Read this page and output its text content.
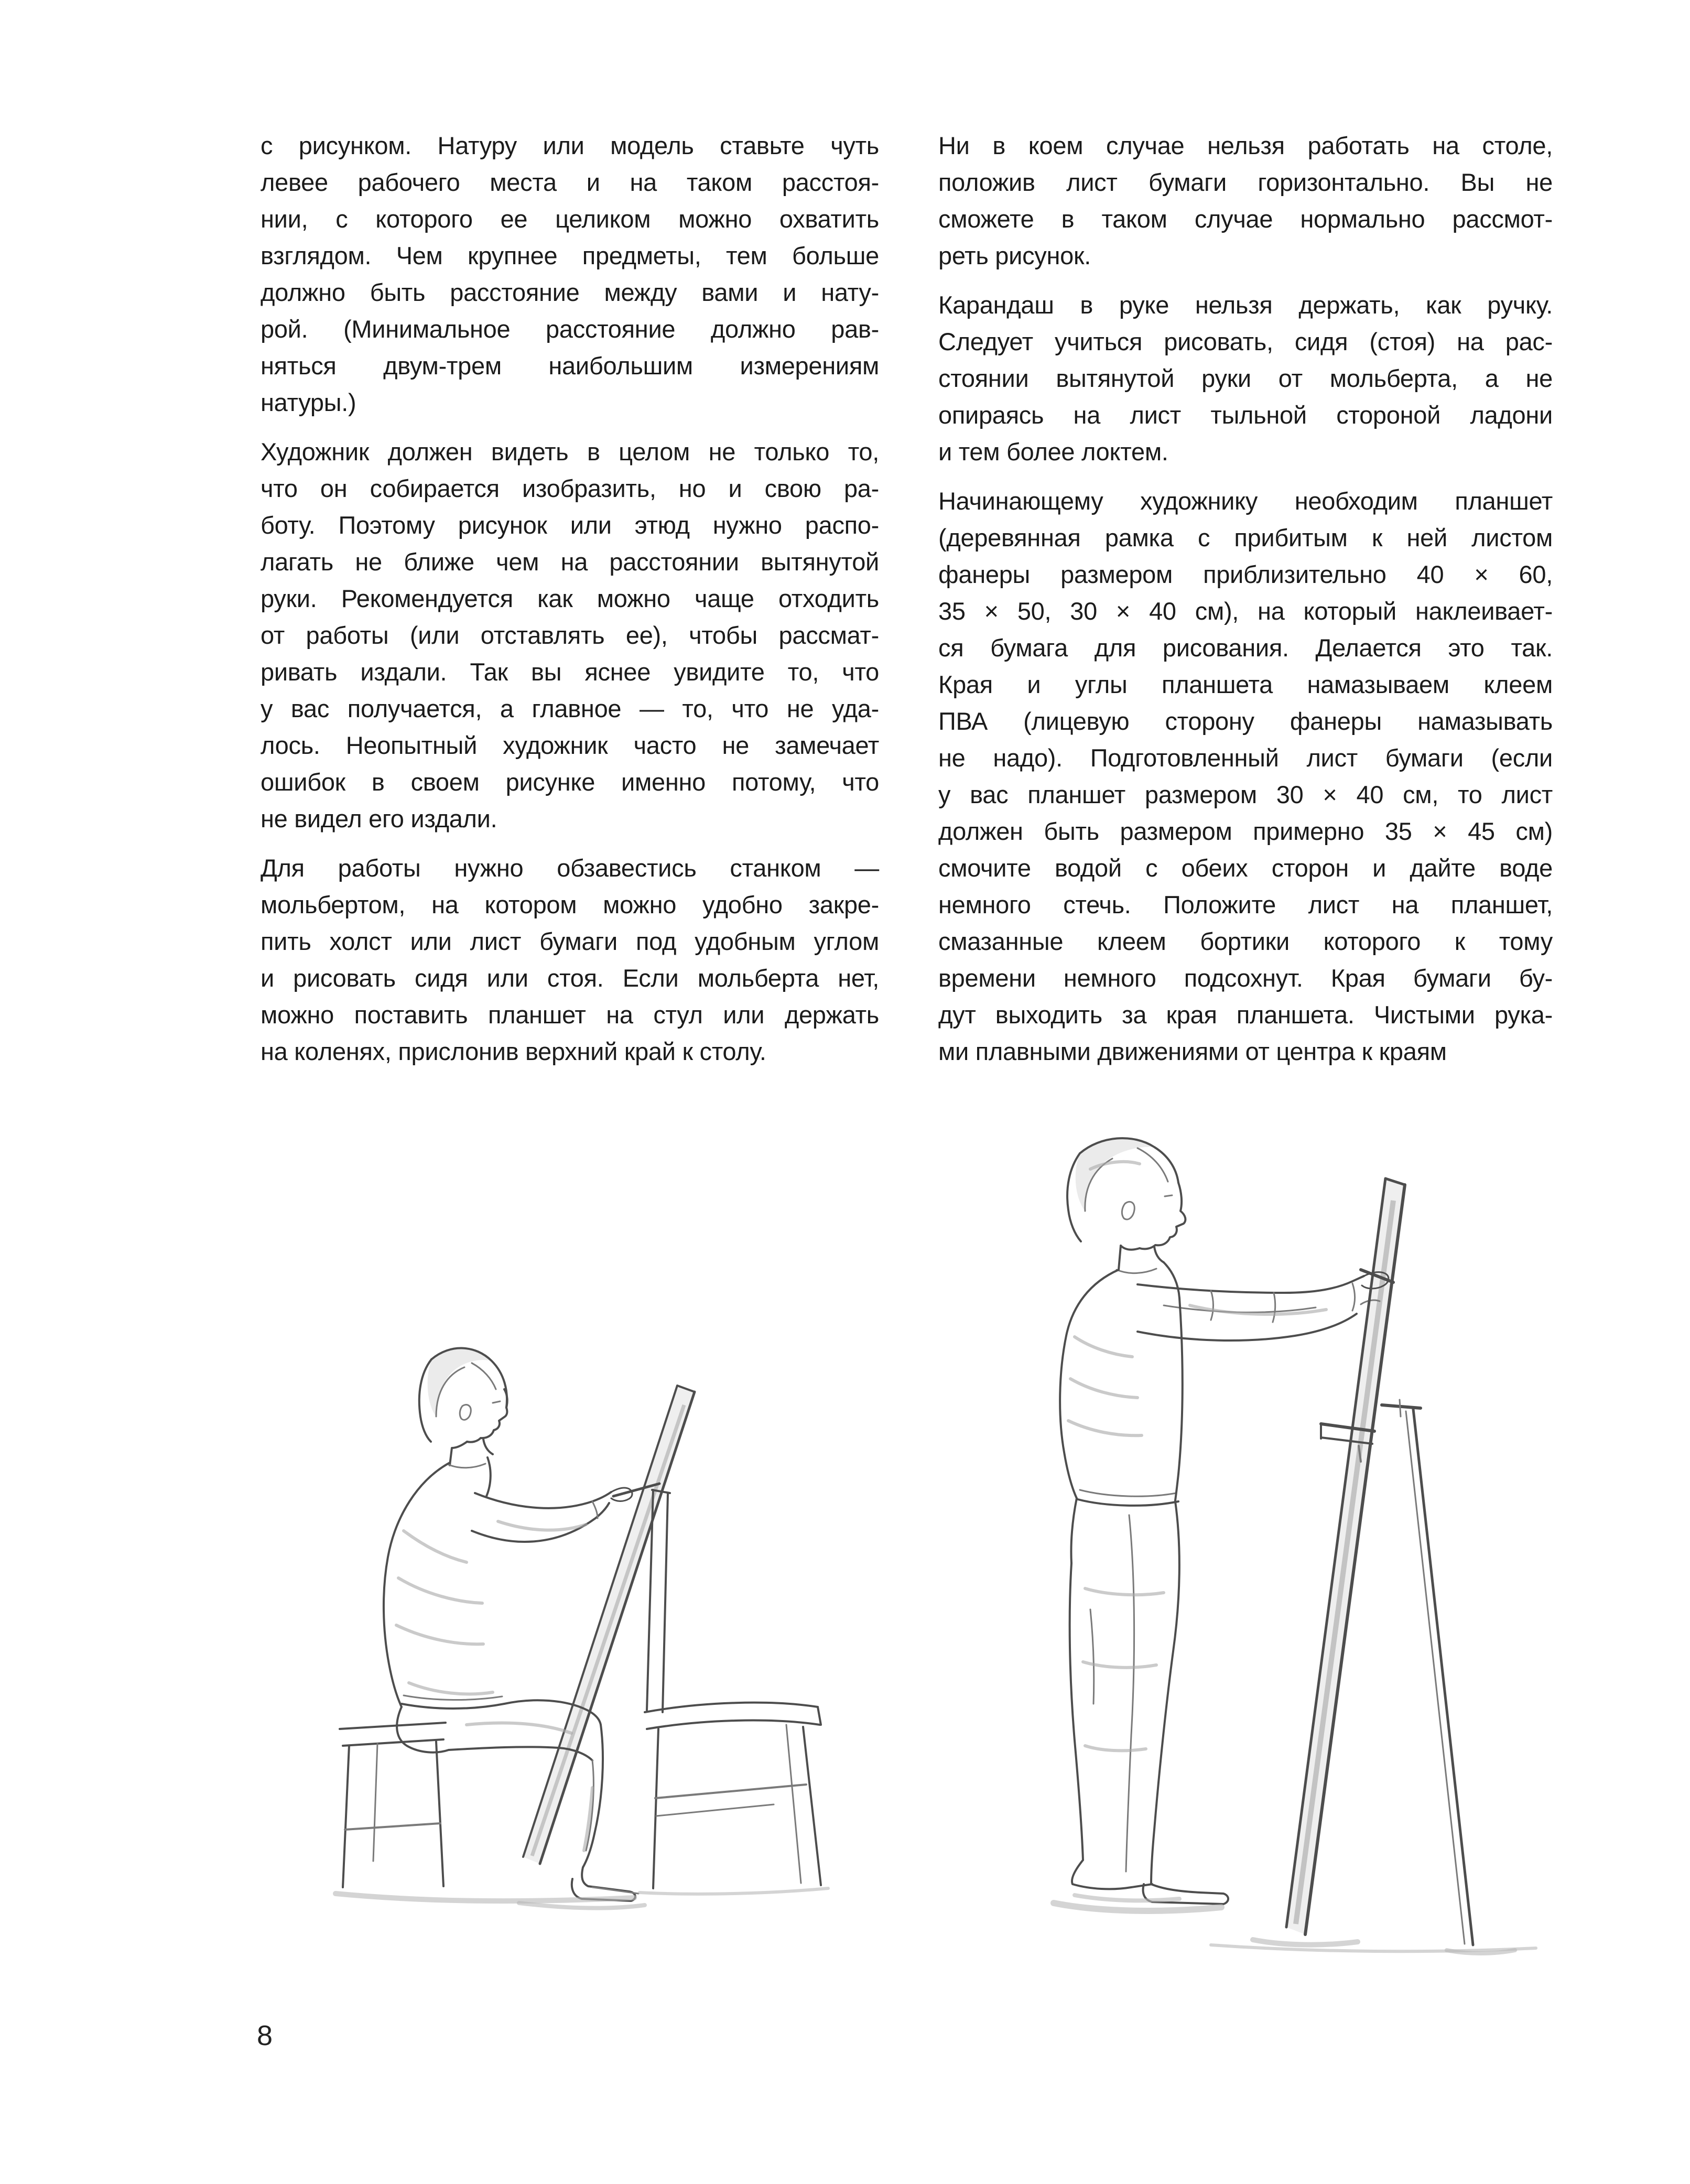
с рисунком. Натуру или модель ставьте чуть
левее рабочего места и на таком расстоя-
нии, с которого ее целиком можно охватить
взглядом. Чем крупнее предметы, тем больше
должно быть расстояние между вами и нату-
рой. (Минимальное расстояние должно рав-
няться двум-трем наибольшим измерениям
натуры.)

Художник должен видеть в целом не только то,
что он собирается изобразить, но и свою ра-
боту. Поэтому рисунок или этюд нужно распо-
лагать не ближе чем на расстоянии вытянутой
руки. Рекомендуется как можно чаще отходить
от работы (или отставлять ее), чтобы рассмат-
ривать издали. Так вы яснее увидите то, что
у вас получается, а главное — то, что не уда-
лось. Неопытный художник часто не замечает
ошибок в своем рисунке именно потому, что
не видел его издали.

Для работы нужно обзавестись станком —
мольбертом, на котором можно удобно закре-
пить холст или лист бумаги под удобным углом
и рисовать сидя или стоя. Если мольберта нет,
можно поставить планшет на стул или держать
на коленях, прислонив верхний край к столу.

Ни в коем случае нельзя работать на столе,
положив лист бумаги горизонтально. Вы не
сможете в таком случае нормально рассмот-
реть рисунок.

Карандаш в руке нельзя держать, как ручку.
Следует учиться рисовать, сидя (стоя) на рас-
стоянии вытянутой руки от мольберта, а не
опираясь на лист тыльной стороной ладони
и тем более локтем.

Начинающему художнику необходим планшет
(деревянная рамка с прибитым к ней листом
фанеры размером приблизительно 40 × 60,
35 × 50, 30 × 40 см), на который наклеивает-
ся бумага для рисования. Делается это так.
Края и углы планшета намазываем клеем
ПВА (лицевую сторону фанеры намазывать
не надо). Подготовленный лист бумаги (если
у вас планшет размером 30 × 40 см, то лист
должен быть размером примерно 35 × 45 см)
смочите водой с обеих сторон и дайте воде
немного стечь. Положите лист на планшет,
смазанные клеем бортики которого к тому
времени немного подсохнут. Края бумаги бу-
дут выходить за края планшета. Чистыми рука-
ми плавными движениями от центра к краям

8
